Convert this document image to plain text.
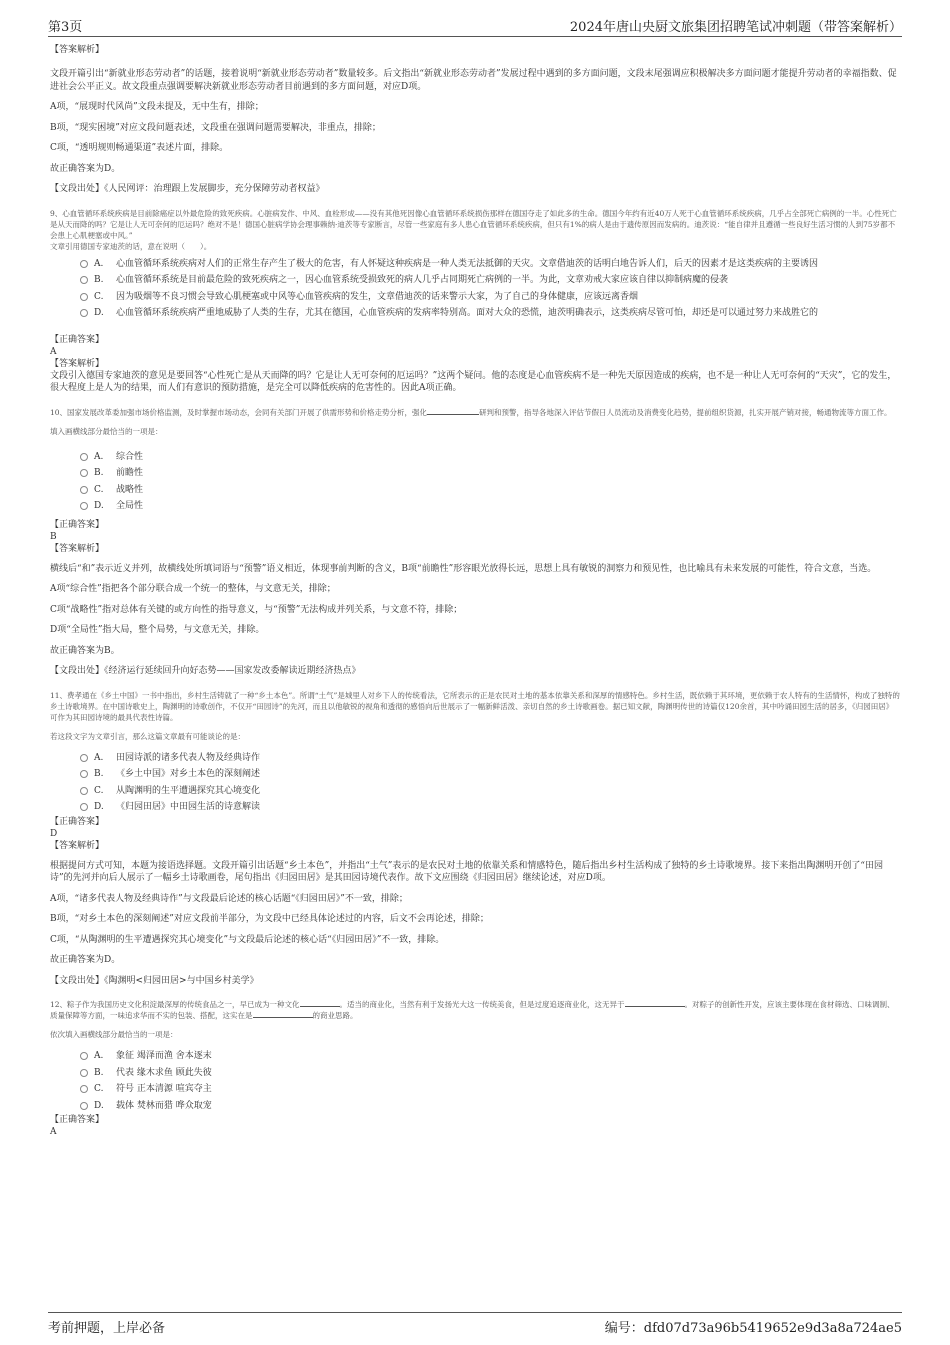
第3页	2024年唐山央厨文旅集团招聘笔试冲刺题（带答案解析）

【答案解析】

文段开篇引出“新就业形态劳动者”的话题，接着说明“新就业形态劳动者”数量较多。后文指出“新就业形态劳动者”发展过程中遇到的多方面问题，文段末尾强调应积极解决多方面问题才能提升劳动者的幸福指数、促进社会公平正义。故文段重点强调要解决新就业形态劳动者目前遇到的多方面问题，对应D项。

A项，“展现时代风尚”文段未提及，无中生有，排除；

B项，“现实困境”对应文段问题表述，文段重在强调问题需要解决，非重点，排除；

C项，“透明规则畅通渠道”表述片面，排除。

故正确答案为D。

【文段出处】《人民网评：治理跟上发展脚步，充分保障劳动者权益》

9、心血管循环系统疾病是目前除癌症以外最危险的致死疾病。心脏病发作、中风、血栓形成——没有其他死因像心血管循环系统损伤那样在德国夺走了如此多的生命。德国今年约有近40万人死于心血管循环系统疾病，几乎占全部死亡病例的一半。心性死亡是从天而降的吗？它是让人无可奈何的厄运吗？绝对不是！德国心脏病学协会理事赖纳·迪茨等专家断言，尽管一些家庭有多人患心血管循环系统疾病，但只有1%的病人是由于遗传原因而发病的。迪茨说：“能自律并且遵循一些良好生活习惯的人到75岁都不会患上心肌梗塞或中风。”

文章引用德国专家迪茨的话，意在说明（　　）。

A.	心血管循环系统疾病对人们的正常生存产生了极大的危害，有人怀疑这种疾病是一种人类无法抵御的天灾。文章借迪茨的话明白地告诉人们，后天的因素才是这类疾病的主要诱因
B.	心血管循环系统是目前最危险的致死疾病之一，因心血管系统受损致死的病人几乎占同期死亡病例的一半。为此，文章劝戒大家应该自律以抑制病魔的侵袭
C.	因为吸烟等不良习惯会导致心肌梗塞或中风等心血管疾病的发生，文章借迪茨的话来警示大家，为了自己的身体健康，应该远离香烟
D.	心血管循环系统疾病严重地威胁了人类的生存，尤其在德国，心血管疾病的发病率特别高。面对大众的恐慌，迪茨明确表示，这类疾病尽管可怕，却还是可以通过努力来战胜它的

【正确答案】

A

【答案解析】

文段引入德国专家迪茨的意见是要回答“心性死亡是从天而降的吗？它是让人无可奈何的厄运吗？”这两个疑问。他的态度是心血管疾病不是一种先天原因造成的疾病，也不是一种让人无可奈何的“天灾”，它的发生，很大程度上是人为的结果，而人们有意识的预防措施，是完全可以降低疾病的危害性的。因此A项正确。

10、国家发展改革委加强市场价格监测，及时掌握市场动态，会同有关部门开展了供需形势和价格走势分析，强化	研判和预警，指导各地深入评估节假日人员流动及消费变化趋势，提前组织货源，扎实开展产销对接，畅通物流等方面工作。

填入画横线部分最恰当的一项是：

A.	综合性
B.	前瞻性
C.	战略性
D.	全局性

【正确答案】

B

【答案解析】

横线后“和”表示近义并列，故横线处所填词语与“预警”语义相近，体现事前判断的含义，B项“前瞻性”形容眼光放得长远，思想上具有敏锐的洞察力和预见性，也比喻具有未来发展的可能性，符合文意，当选。

A项“综合性”指把各个部分联合成一个统一的整体，与文意无关，排除；

C项“战略性”指对总体有关键的或方向性的指导意义，与“预警”无法构成并列关系，与文意不符，排除；

D项“全局性”指大局，整个局势，与文意无关，排除。

故正确答案为B。

【文段出处】《经济运行延续回升向好态势——国家发改委解读近期经济热点》

11、费孝通在《乡土中国》一书中指出，乡村生活铸就了一种“乡土本色”。所谓“土气”是城里人对乡下人的传统看法，它所表示的正是农民对土地的基本依靠关系和深厚的情感特色。乡村生活，既依赖于其环境，更依赖于农人特有的生活情怀，构成了独特的乡土诗歌境界。在中国诗歌史上，陶渊明的诗歌创作，不仅开“田园诗”的先河，而且以他敏锐的视角和透彻的感悟向后世展示了一幅新鲜活泼、亲切自然的乡土诗歌画卷。据已知文献，陶渊明传世的诗篇仅120余首，其中吟诵田园生活的居多，《归园田居》可作为其田园诗境的最具代表性诗篇。

若这段文字为文章引言，那么这篇文章最有可能谈论的是：

A.	田园诗派的诸多代表人物及经典诗作
B.	《乡土中国》对乡土本色的深刻阐述
C.	从陶渊明的生平遭遇探究其心境变化
D.	《归园田居》中田园生活的诗意解读

【正确答案】

D

【答案解析】

根据提问方式可知，本题为接语选择题。文段开篇引出话题“乡土本色”，并指出“土气”表示的是农民对土地的依靠关系和情感特色，随后指出乡村生活构成了独特的乡土诗歌境界。接下来指出陶渊明开创了“田园诗”的先河并向后人展示了一幅乡土诗歌画卷，尾句指出《归园田居》是其田园诗境代表作。故下文应围绕《归园田居》继续论述，对应D项。

A项，“诸多代表人物及经典诗作”与文段最后论述的核心话题“《归园田居》”不一致，排除；

B项，“对乡土本色的深刻阐述”对应文段前半部分，为文段中已经具体论述过的内容，后文不会再论述，排除；

C项，“从陶渊明的生平遭遇探究其心境变化”与文段最后论述的核心话“《归园田居》”不一致，排除。

故正确答案为D。

【文段出处】《陶渊明<归园田居>与中国乡村美学》

12、粽子作为我国历史文化积淀最深厚的传统食品之一，早已成为一种文化	。适当的商业化，当然有利于发扬光大这一传统美食，但是过度追逐商业化，这无异于	。对粽子的创新性开发，应该主要体现在食材筛选、口味调制、质量保障等方面，一味追求华而不实的包装、搭配，这实在是	的商业思路。

依次填入画横线部分最恰当的一项是：

A.	象征 竭泽而渔 舍本逐末
B.	代表 缘木求鱼 顾此失彼
C.	符号 正本清源 喧宾夺主
D.	载体 焚林而猎 哗众取宠

【正确答案】

A

考前押题，上岸必备	编号：dfd07d73a96b5419652e9d3a8a724ae5
